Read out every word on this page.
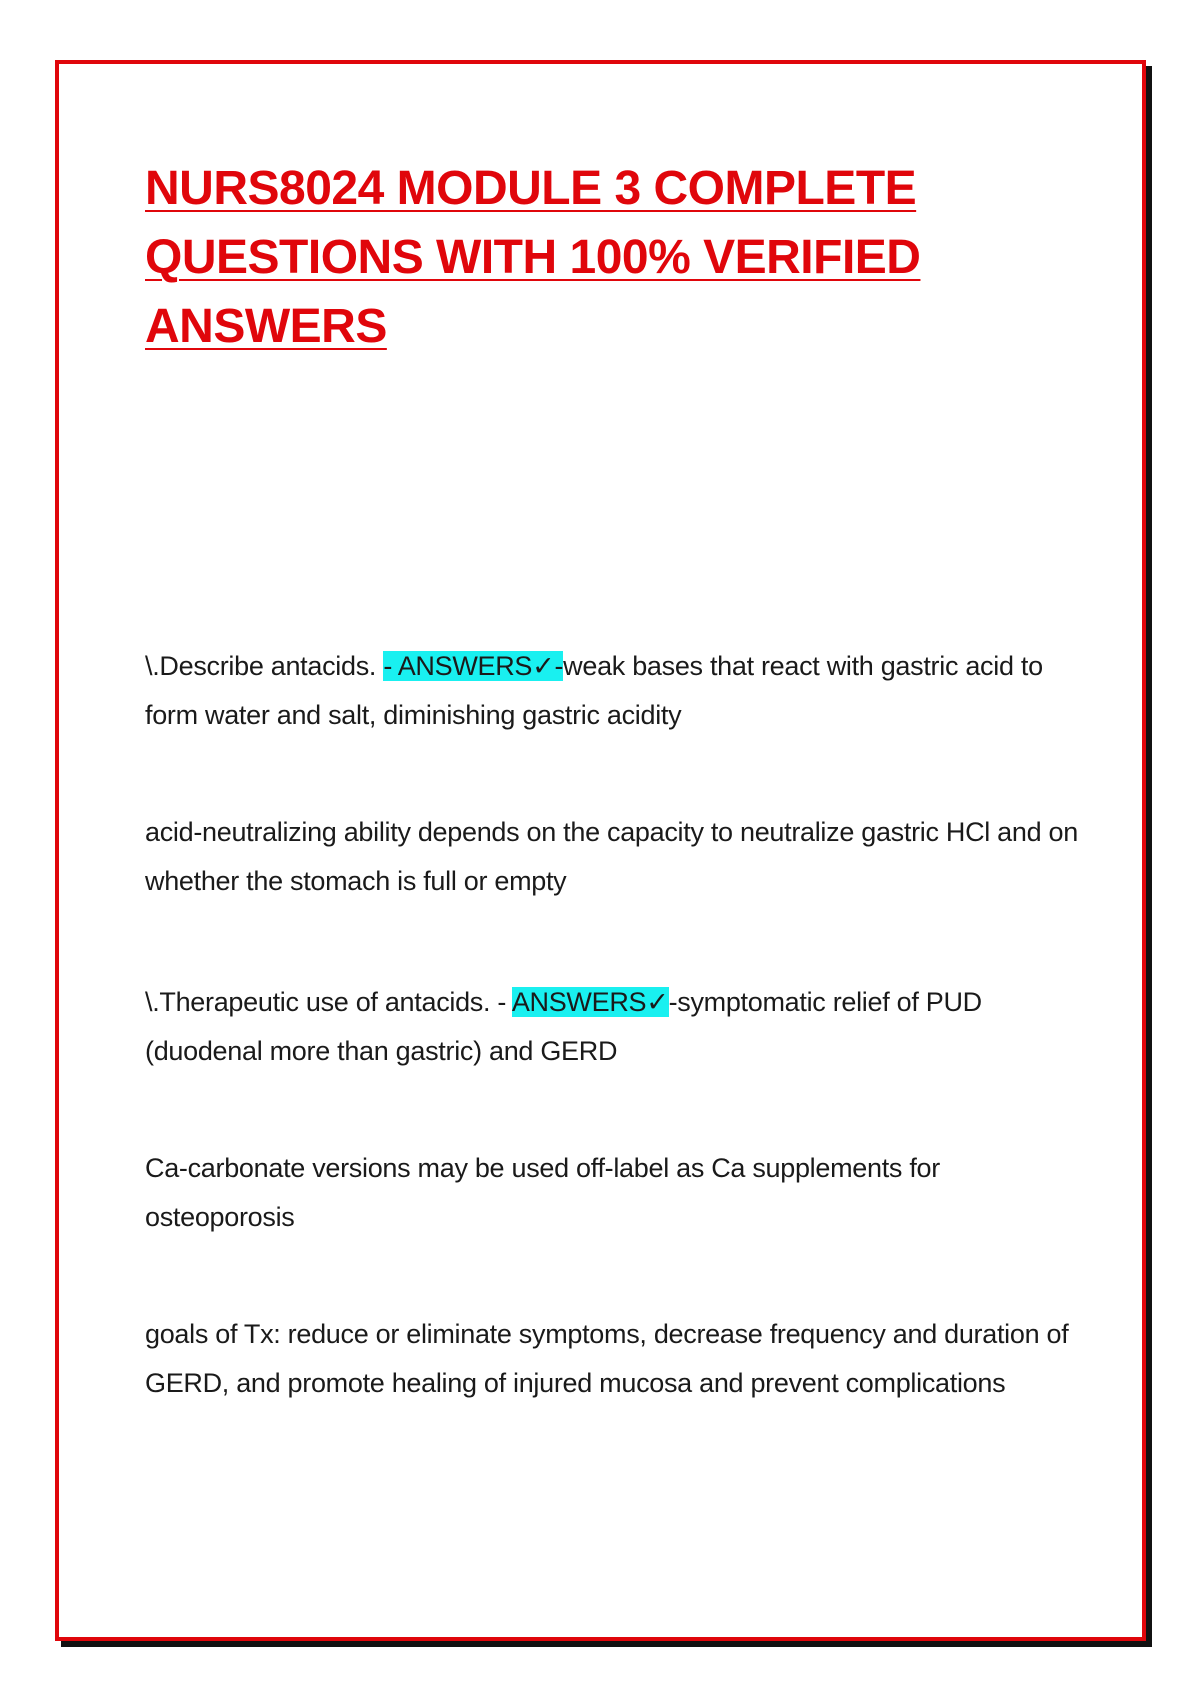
NURS8024 MODULE 3 COMPLETE QUESTIONS WITH 100% VERIFIED ANSWERS

\.Describe antacids. - ANSWERS✓-weak bases that react with gastric acid to form water and salt, diminishing gastric acidity

acid-neutralizing ability depends on the capacity to neutralize gastric HCl and on whether the stomach is full or empty

\.Therapeutic use of antacids. - ANSWERS✓-symptomatic relief of PUD (duodenal more than gastric) and GERD

Ca-carbonate versions may be used off-label as Ca supplements for osteoporosis

goals of Tx: reduce or eliminate symptoms, decrease frequency and duration of GERD, and promote healing of injured mucosa and prevent complications
